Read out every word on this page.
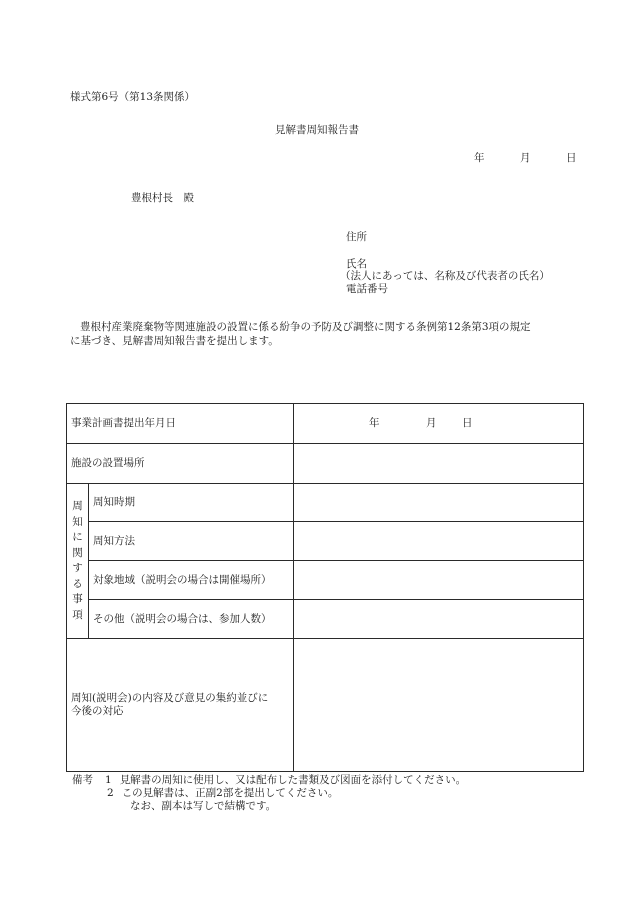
様式第6号（第13条関係）
見解書周知報告書
年	月	日
豊根村長　殿
住所
氏名
（法人にあっては、名称及び代表者の氏名）
電話番号
豊根村産業廃棄物等関連施設の設置に係る紛争の予防及び調整に関する条例第12条第3項の規定
に基づき、見解書周知報告書を提出します。
事業計画書提出年月日		年 月 日

施設の設置場所		
周知に関する事項	周知時期	
	周知方法	
	対象地域（説明会の場合は開催場所）	
	その他（説明会の場合は、参加人数）	

周知(説明会)の内容及び意見の集約並びに
今後の対応		

備考 1 見解書の周知に使用し、又は配布した書類及び図面を添付してください。
2 この見解書は、正副2部を提出してください。
なお、副本は写しで結構です。
